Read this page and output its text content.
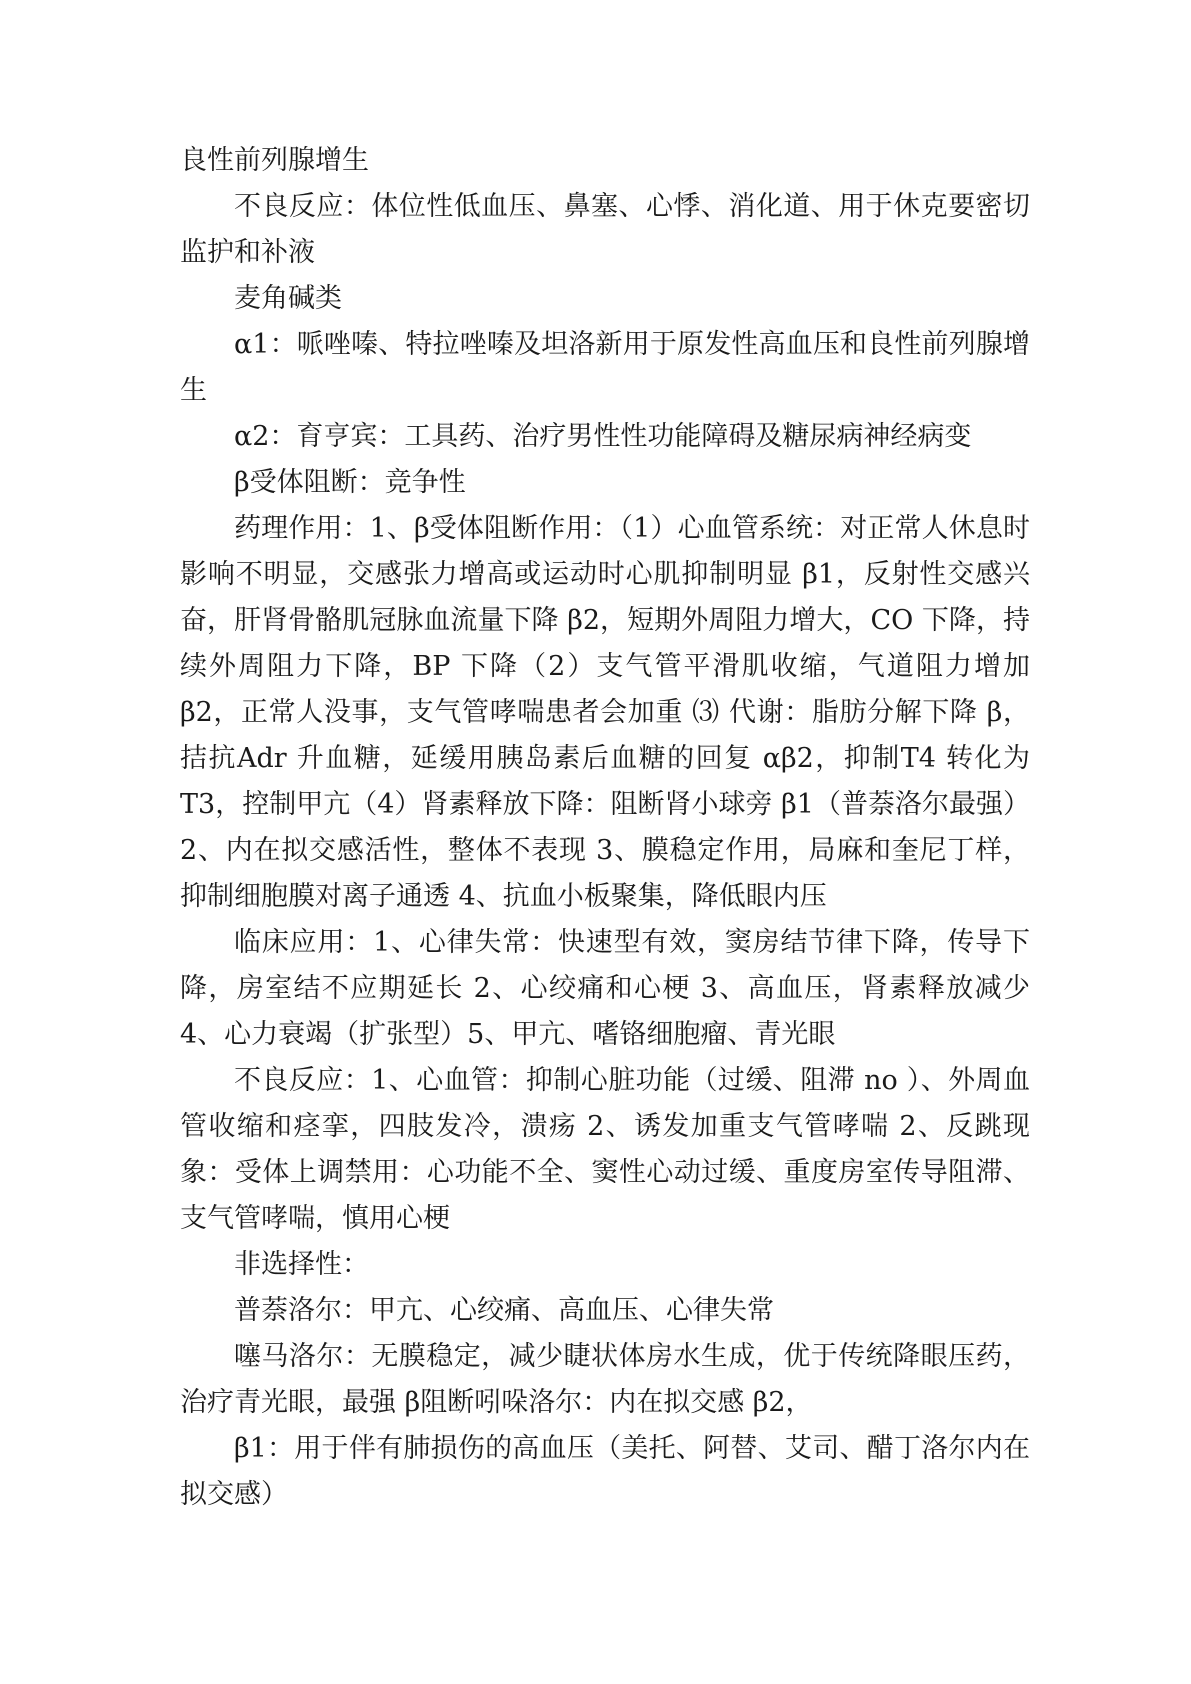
良性前列腺增生

不良反应：体位性低血压、鼻塞、心悸、消化道、用于休克要密切监护和补液

麦角碱类

α1：哌唑嗪、特拉唑嗪及坦洛新用于原发性高血压和良性前列腺增生

α2：育亨宾：工具药、治疗男性性功能障碍及糖尿病神经病变

β受体阻断：竞争性

药理作用：1、β受体阻断作用：（1）心血管系统：对正常人休息时影响不明显，交感张力增高或运动时心肌抑制明显 β1，反射性交感兴奋，肝肾骨骼肌冠脉血流量下降 β2，短期外周阻力增大，CO 下降，持续外周阻力下降，BP 下降（2）支气管平滑肌收缩，气道阻力增加 β2，正常人没事，支气管哮喘患者会加重 ⑶ 代谢：脂肪分解下降 β，拮抗Adr 升血糖，延缓用胰岛素后血糖的回复 αβ2，抑制T4 转化为 T3，控制甲亢（4）肾素释放下降：阻断肾小球旁 β1（普萘洛尔最强）2、内在拟交感活性，整体不表现 3、膜稳定作用，局麻和奎尼丁样，抑制细胞膜对离子通透 4、抗血小板聚集，降低眼内压

临床应用：1、心律失常：快速型有效，窦房结节律下降，传导下降，房室结不应期延长 2、心绞痛和心梗 3、高血压，肾素释放减少 4、心力衰竭（扩张型）5、甲亢、嗜铬细胞瘤、青光眼

不良反应：1、心血管：抑制心脏功能（过缓、阻滞 no ）、外周血管收缩和痉挛，四肢发冷，溃疡 2、诱发加重支气管哮喘 2、反跳现象：受体上调禁用：心功能不全、窦性心动过缓、重度房室传导阻滞、支气管哮喘，慎用心梗

非选择性：

普萘洛尔：甲亢、心绞痛、高血压、心律失常

噻马洛尔：无膜稳定，减少睫状体房水生成，优于传统降眼压药，治疗青光眼，最强 β阻断吲哚洛尔：内在拟交感 β2，

β1：用于伴有肺损伤的高血压（美托、阿替、艾司、醋丁洛尔内在拟交感）
